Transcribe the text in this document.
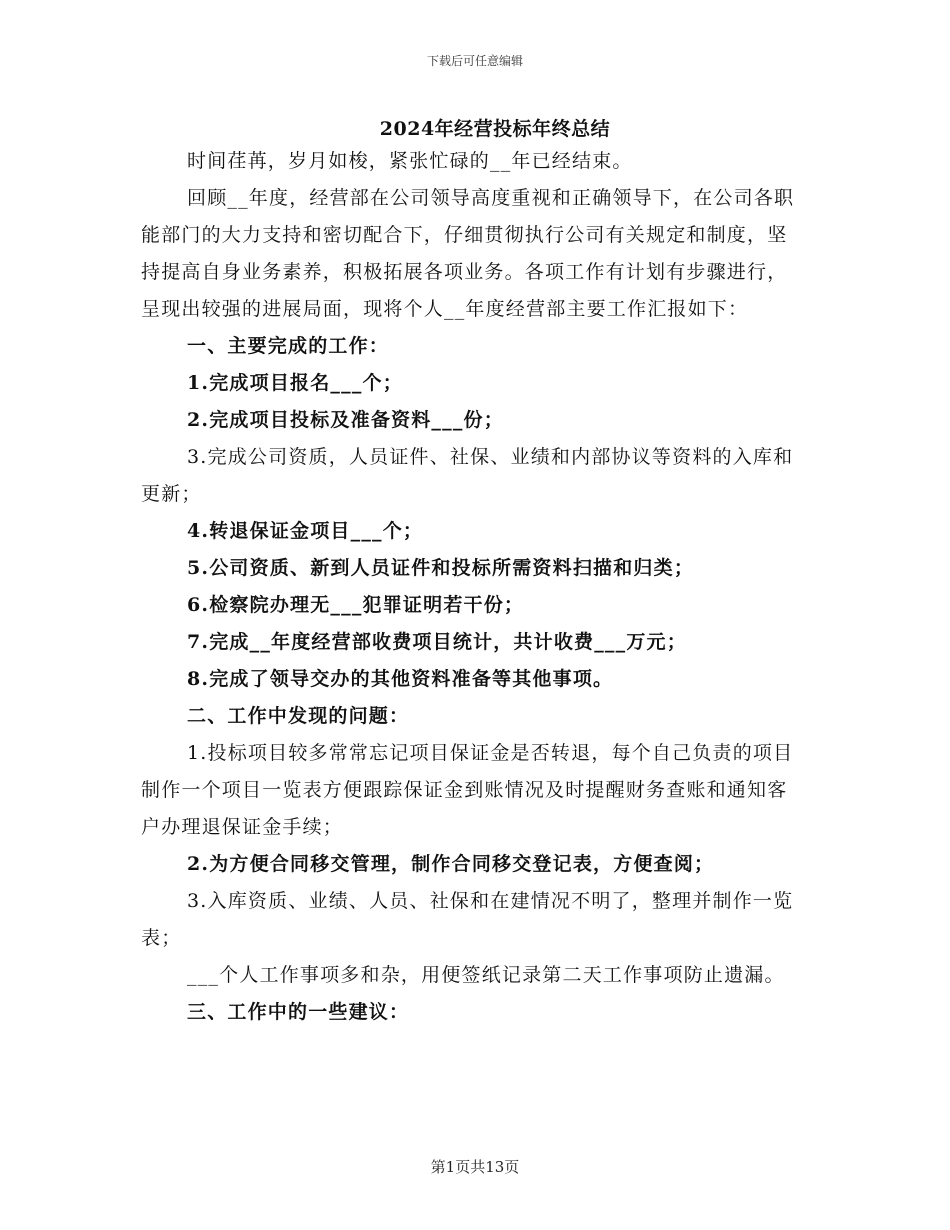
下载后可任意编辑
2024年经营投标年终总结

时间荏苒，岁月如梭，紧张忙碌的__年已经结束。

回顾__年度，经营部在公司领导高度重视和正确领导下，在公司各职能部门的大力支持和密切配合下，仔细贯彻执行公司有关规定和制度，坚持提高自身业务素养，积极拓展各项业务。各项工作有计划有步骤进行，呈现出较强的进展局面，现将个人__年度经营部主要工作汇报如下：

一、主要完成的工作：

1.完成项目报名___个；

2.完成项目投标及准备资料___份；

3.完成公司资质，人员证件、社保、业绩和内部协议等资料的入库和更新；

4.转退保证金项目___个；

5.公司资质、新到人员证件和投标所需资料扫描和归类；

6.检察院办理无___犯罪证明若干份；

7.完成__年度经营部收费项目统计，共计收费___万元；

8.完成了领导交办的其他资料准备等其他事项。

二、工作中发现的问题：

1.投标项目较多常常忘记项目保证金是否转退，每个自己负责的项目制作一个项目一览表方便跟踪保证金到账情况及时提醒财务查账和通知客户办理退保证金手续；

2.为方便合同移交管理，制作合同移交登记表，方便查阅；

3.入库资质、业绩、人员、社保和在建情况不明了，整理并制作一览表；

___个人工作事项多和杂，用便签纸记录第二天工作事项防止遗漏。

三、工作中的一些建议：

第1页共13页
